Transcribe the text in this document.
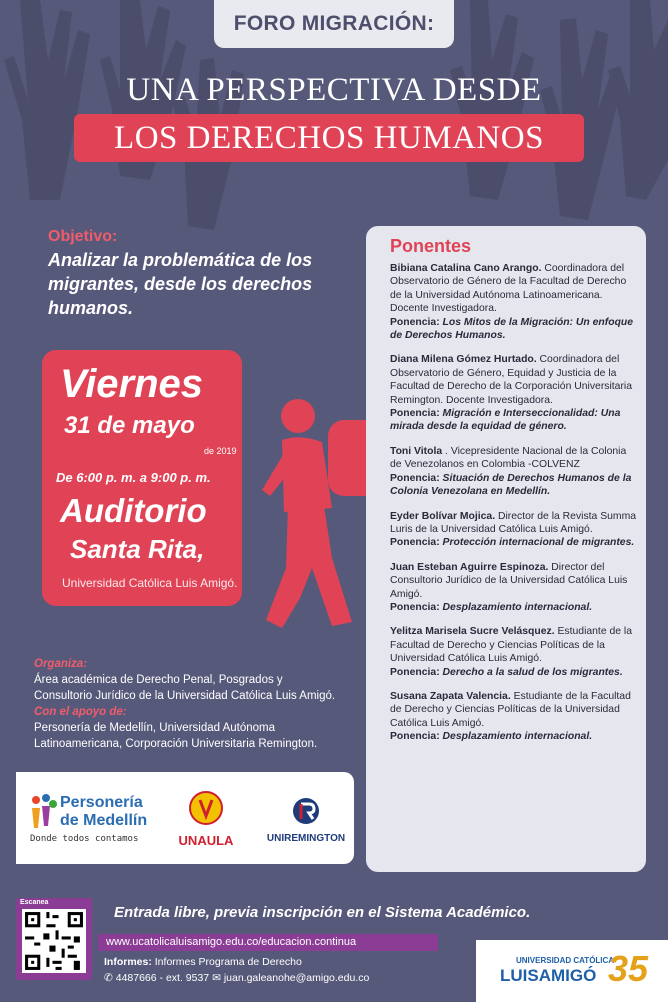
FORO MIGRACIÓN:
UNA PERSPECTIVA DESDE
LOS DERECHOS HUMANOS
Objetivo:
Analizar la problemática de los migrantes, desde los derechos humanos.
Viernes
31 de mayo
de 2019
De 6:00 p. m. a 9:00 p. m.
Auditorio
Santa Rita,
Universidad Católica Luis Amigó.
Organiza:
Área académica de Derecho Penal, Posgrados y Consultorio Jurídico de la Universidad Católica Luis Amigó.
Con el apoyo de:
Personería de Medellín, Universidad Autónoma Latinoamericana, Corporación Universitaria Remington.
Personería
de Medellín
Donde todos contamos	UNAULA	UNIREMINGTON
Ponentes
Bibiana Catalina Cano Arango. Coordinadora del Observatorio de Género de la Facultad de Derecho de la Universidad Autónoma Latinoamericana. Docente Investigadora.
Ponencia: Los Mitos de la Migración: Un enfoque de Derechos Humanos.
Diana Milena Gómez Hurtado. Coordinadora del Observatorio de Género, Equidad y Justicia de la Facultad de Derecho de la Corporación Universitaria Remington. Docente Investigadora.
Ponencia: Migración e Interseccionalidad: Una mirada desde la equidad de género.
Toni Vitola . Vicepresidente Nacional de la Colonia de Venezolanos en Colombia -COLVENZ
Ponencia: Situación de Derechos Humanos de la Colonia Venezolana en Medellín.
Eyder Bolívar Mojica. Director de la Revista Summa Luris de la Universidad Católica Luis Amigó.
Ponencia: Protección internacional de migrantes.
Juan Esteban Aguirre Espinoza. Director del Consultorio Jurídico de la Universidad Católica Luis Amigó.
Ponencia: Desplazamiento internacional.
Yelitza Marisela Sucre Velásquez. Estudiante de la Facultad de Derecho y Ciencias Políticas de la Universidad Católica Luis Amigó.
Ponencia: Derecho a la salud de los migrantes.
Susana Zapata Valencia. Estudiante de la Facultad de Derecho y Ciencias Políticas de la Universidad Católica Luis Amigó.
Ponencia: Desplazamiento internacional.
Entrada libre, previa inscripción en el Sistema Académico.
Escanea
www.ucatolicaluisamigo.edu.co/educacion.continua
Informes: Informes Programa de Derecho
✆ 4487666 - ext. 9537 ✉ juan.galeanohe@amigo.edu.co
UNIVERSIDAD CATÓLICA
LUISAMIGÓ 35
